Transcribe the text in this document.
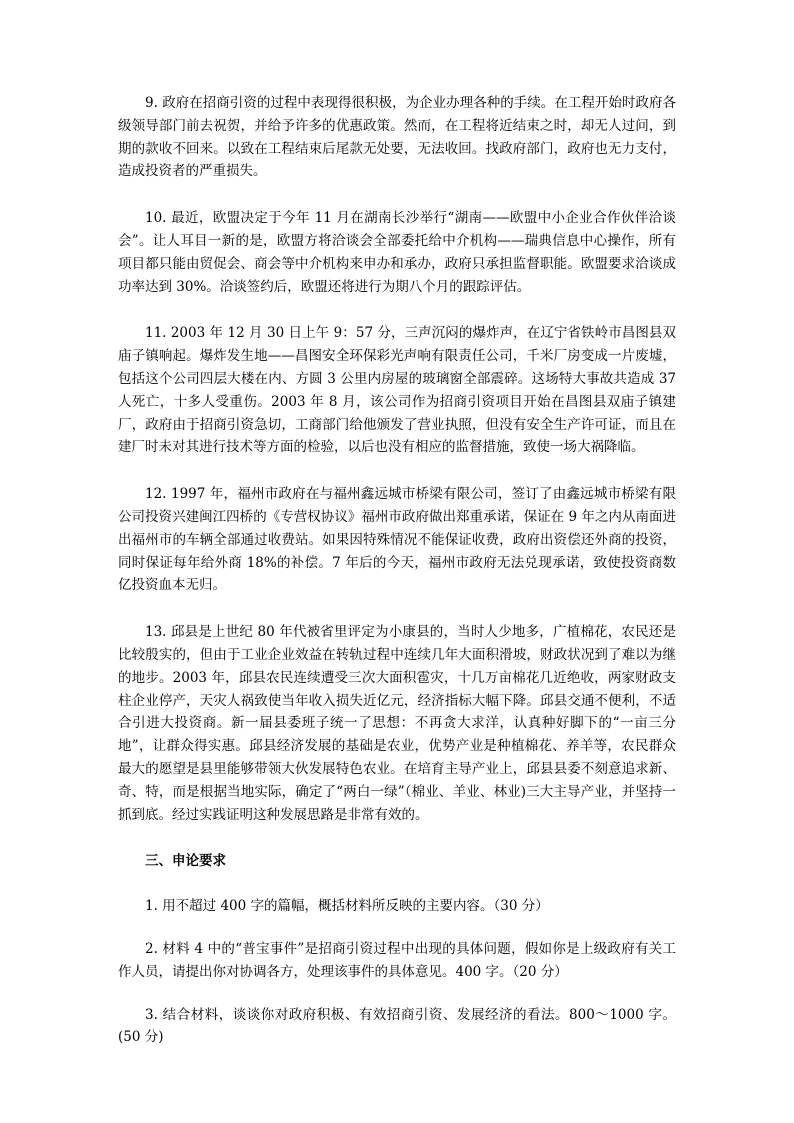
9. 政府在招商引资的过程中表现得很积极，为企业办理各种的手续。在工程开始时政府各级领导部门前去祝贺，并给予许多的优惠政策。然而，在工程将近结束之时，却无人过问，到期的款收不回来。以致在工程结束后尾款无处要，无法收回。找政府部门，政府也无力支付，造成投资者的严重损失。

10. 最近，欧盟决定于今年 11 月在湖南长沙举行“湖南——欧盟中小企业合作伙伴洽谈会”。让人耳目一新的是，欧盟方将洽谈会全部委托给中介机构——瑞典信息中心操作，所有项目都只能由贸促会、商会等中介机构来申办和承办，政府只承担监督职能。欧盟要求洽谈成功率达到 30%。洽谈签约后，欧盟还将进行为期八个月的跟踪评估。

11. 2003 年 12 月 30 日上午 9：57 分，三声沉闷的爆炸声，在辽宁省铁岭市昌图县双庙子镇响起。爆炸发生地——昌图安全环保彩光声响有限责任公司，千米厂房变成一片废墟，包括这个公司四层大楼在内、方圆 3 公里内房屋的玻璃窗全部震碎。这场特大事故共造成 37 人死亡，十多人受重伤。2003 年 8 月，该公司作为招商引资项目开始在昌图县双庙子镇建厂，政府由于招商引资急切，工商部门给他颁发了营业执照，但没有安全生产许可证，而且在建厂时未对其进行技术等方面的检验，以后也没有相应的监督措施，致使一场大祸降临。

12. 1997 年，福州市政府在与福州鑫远城市桥梁有限公司，签订了由鑫远城市桥梁有限公司投资兴建闽江四桥的《专营权协议》福州市政府做出郑重承诺，保证在 9 年之内从南面进出福州市的车辆全部通过收费站。如果因特殊情况不能保证收费，政府出资偿还外商的投资，同时保证每年给外商 18%的补偿。7 年后的今天，福州市政府无法兑现承诺，致使投资商数亿投资血本无归。

13. 邱县是上世纪 80 年代被省里评定为小康县的，当时人少地多，广植棉花，农民还是比较殷实的，但由于工业企业效益在转轨过程中连续几年大面积滑坡，财政状况到了难以为继的地步。2003 年，邱县农民连续遭受三次大面积雹灾，十几万亩棉花几近绝收，两家财政支柱企业停产，天灾人祸致使当年收入损失近亿元，经济指标大幅下降。邱县交通不便利，不适合引进大投资商。新一届县委班子统一了思想：不再贪大求洋，认真种好脚下的“一亩三分地”，让群众得实惠。邱县经济发展的基础是农业，优势产业是种植棉花、养羊等，农民群众最大的愿望是县里能够带领大伙发展特色农业。在培育主导产业上，邱县县委不刻意追求新、奇、特，而是根据当地实际，确定了“两白一绿”（棉业、羊业、林业)三大主导产业，并坚持一抓到底。经过实践证明这种发展思路是非常有效的。

三、申论要求

1. 用不超过 400 字的篇幅，概括材料所反映的主要内容。（30 分）

2. 材料 4 中的“普宝事件”是招商引资过程中出现的具体问题，假如你是上级政府有关工作人员，请提出你对协调各方，处理该事件的具体意见。400 字。（20 分）

3. 结合材料，谈谈你对政府积极、有效招商引资、发展经济的看法。800～1000 字。(50 分)
